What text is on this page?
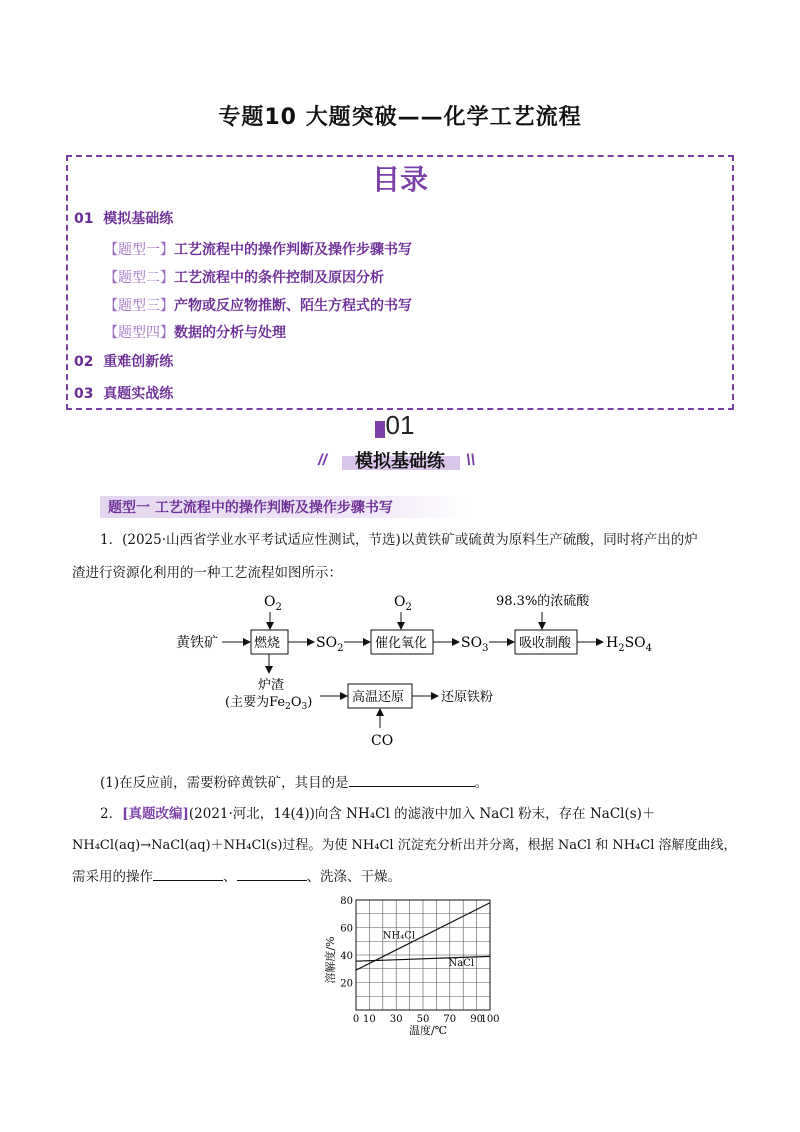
专题10 大题突破——化学工艺流程
目录
01 模拟基础练
【题型一】工艺流程中的操作判断及操作步骤书写
【题型二】工艺流程中的条件控制及原因分析
【题型三】产物或反应物推断、陌生方程式的书写
【题型四】数据的分析与处理
02 重难创新练
03 真题实战练
01
//	\\
模拟基础练
题型一 工艺流程中的操作判断及操作步骤书写
1．(2025·山西省学业水平考试适应性测试，节选)以黄铁矿或硫黄为原料生产硫酸，同时将产出的炉
渣进行资源化利用的一种工艺流程如图所示：
$O_2$	$O_2$	98.3%的浓硫酸
黄铁矿	燃烧	$SO_2$ 催化氧化 $SO_3$ 吸收制酸 $H_2SO_4$
炉渣
(主要为$Fe_2O_3$)	高温还原	还原铁粉
CO
(1)在反应前，需要粉碎黄铁矿，其目的是	。
2．[真题改编](2021·河北，14(4))向含 NH₄Cl 的滤液中加入 NaCl 粉末，存在 NaCl(s)＋
NH₄Cl(aq)→NaCl(aq)＋NH₄Cl(s)过程。为使 NH₄Cl 沉淀充分析出并分离，根据 NaCl 和 NH₄Cl 溶解度曲线，
需采用的操作	、	、洗涤、干燥。
溶解度/%
0 10 30 50 70 90
100
20
40
60
80
NH₄Cl
NaCl
温度/℃
